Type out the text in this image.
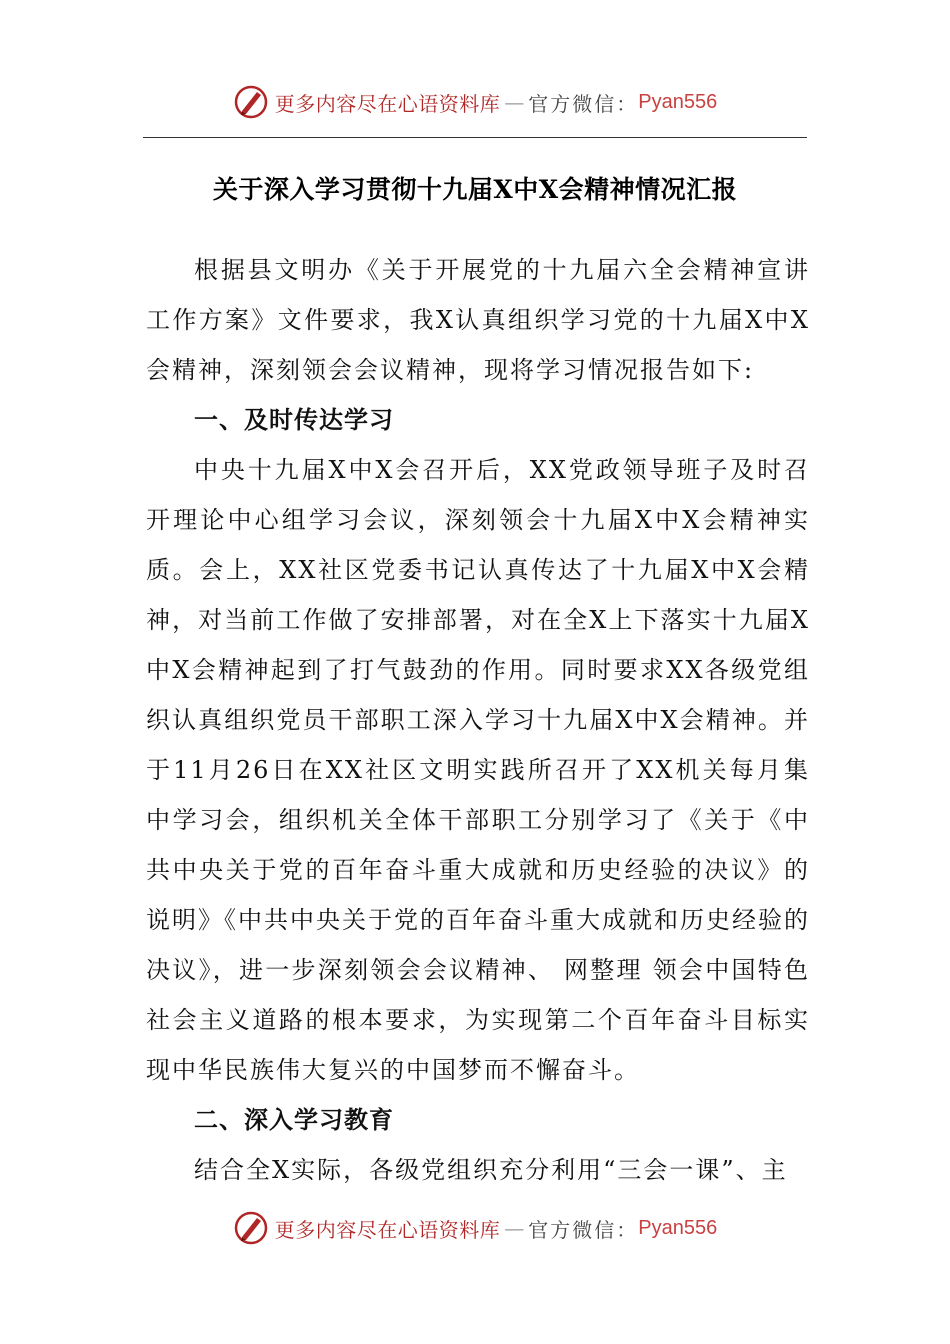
更多内容尽在心语资料库 — 官方微信： Pyan556
关于深入学习贯彻十九届X中X会精神情况汇报

根据县文明办《关于开展党的十九届六全会精神宣讲工作方案》文件要求，我X认真组织学习党的十九届X中X会精神，深刻领会会议精神，现将学习情况报告如下:

一、及时传达学习

中央十九届X中X会召开后，XX党政领导班子及时召开理论中心组学习会议，深刻领会十九届X中X会精神实质。会上，XX社区党委书记认真传达了十九届X中X会精神，对当前工作做了安排部署，对在全X上下落实十九届X中X会精神起到了打气鼓劲的作用。同时要求XX各级党组织认真组织党员干部职工深入学习十九届X中X会精神。并于11月26日在XX社区文明实践所召开了XX机关每月集中学习会，组织机关全体干部职工分别学习了《关于《中共中央关于党的百年奋斗重大成就和历史经验的决议》的说明》《中共中央关于党的百年奋斗重大成就和历史经验的决议》，进一步深刻领会会议精神、 网整理 领会中国特色社会主义道路的根本要求，为实现第二个百年奋斗目标实现中华民族伟大复兴的中国梦而不懈奋斗。

二、深入学习教育

结合全X实际，各级党组织充分利用“三会一课”、主

更多内容尽在心语资料库 — 官方微信： Pyan556
